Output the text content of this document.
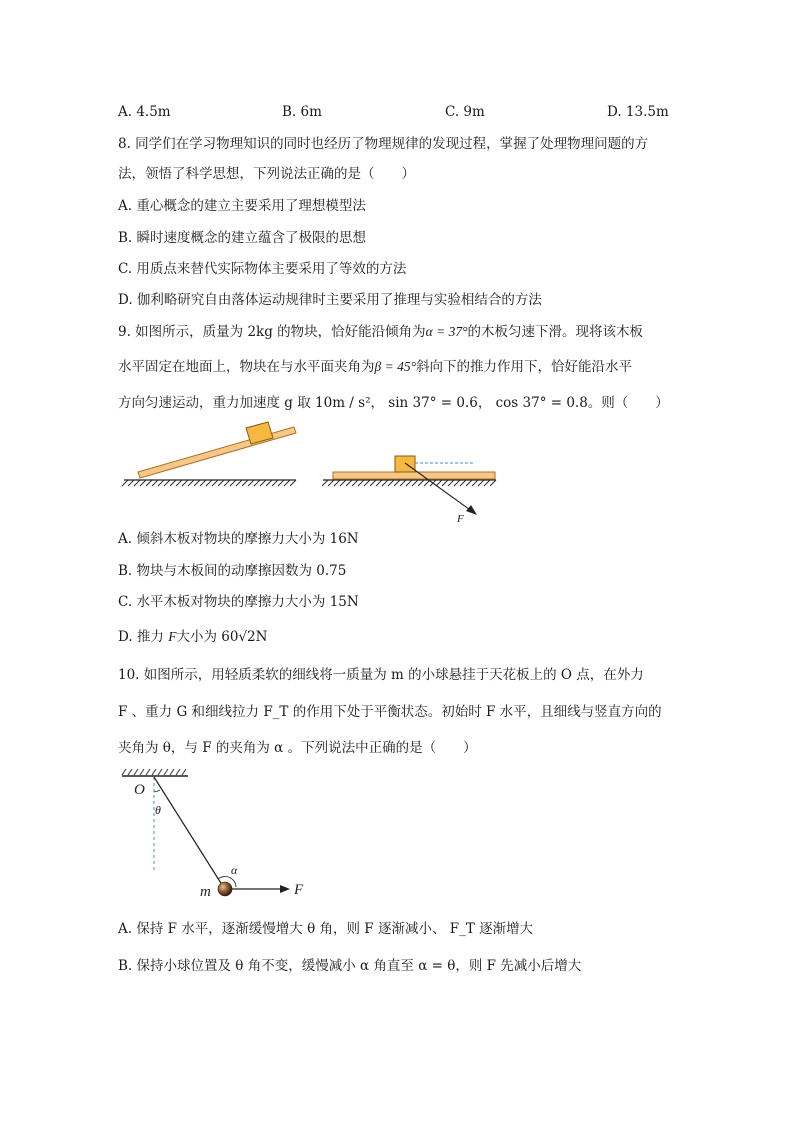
A. 4.5m	B. 6m	C. 9m	D. 13.5m
8. 同学们在学习物理知识的同时也经历了物理规律的发现过程，掌握了处理物理问题的方
法，领悟了科学思想，下列说法正确的是（　　）
A. 重心概念的建立主要采用了理想模型法
B. 瞬时速度概念的建立蕴含了极限的思想
C. 用质点来替代实际物体主要采用了等效的方法
D. 伽利略研究自由落体运动规律时主要采用了推理与实验相结合的方法
9. 如图所示，质量为 2kg 的物块，恰好能沿倾角为α = 37°的木板匀速下滑。现将该木板
水平固定在地面上，物块在与水平面夹角为β = 45°斜向下的推力作用下，恰好能沿水平
方向匀速运动，重力加速度 g 取 10m / s²， sin 37° = 0.6， cos 37° = 0.8。则（　　）
F
A. 倾斜木板对物块的摩擦力大小为 16N
B. 物块与木板间的动摩擦因数为 0.75
C. 水平木板对物块的摩擦力大小为 15N
D. 推力 F大小为 60√2N
10. 如图所示，用轻质柔软的细线将一质量为 m 的小球悬挂于天花板上的 O 点，在外力
F 、重力 G 和细线拉力 F_T 的作用下处于平衡状态。初始时 F 水平，且细线与竖直方向的
夹角为 θ，与 F 的夹角为 α 。下列说法中正确的是（　　）
O
θ
α
m	F
A. 保持 F 水平，逐渐缓慢增大 θ 角，则 F 逐渐减小、 F_T 逐渐增大
B. 保持小球位置及 θ 角不变，缓慢减小 α 角直至 α = θ，则 F 先减小后增大
